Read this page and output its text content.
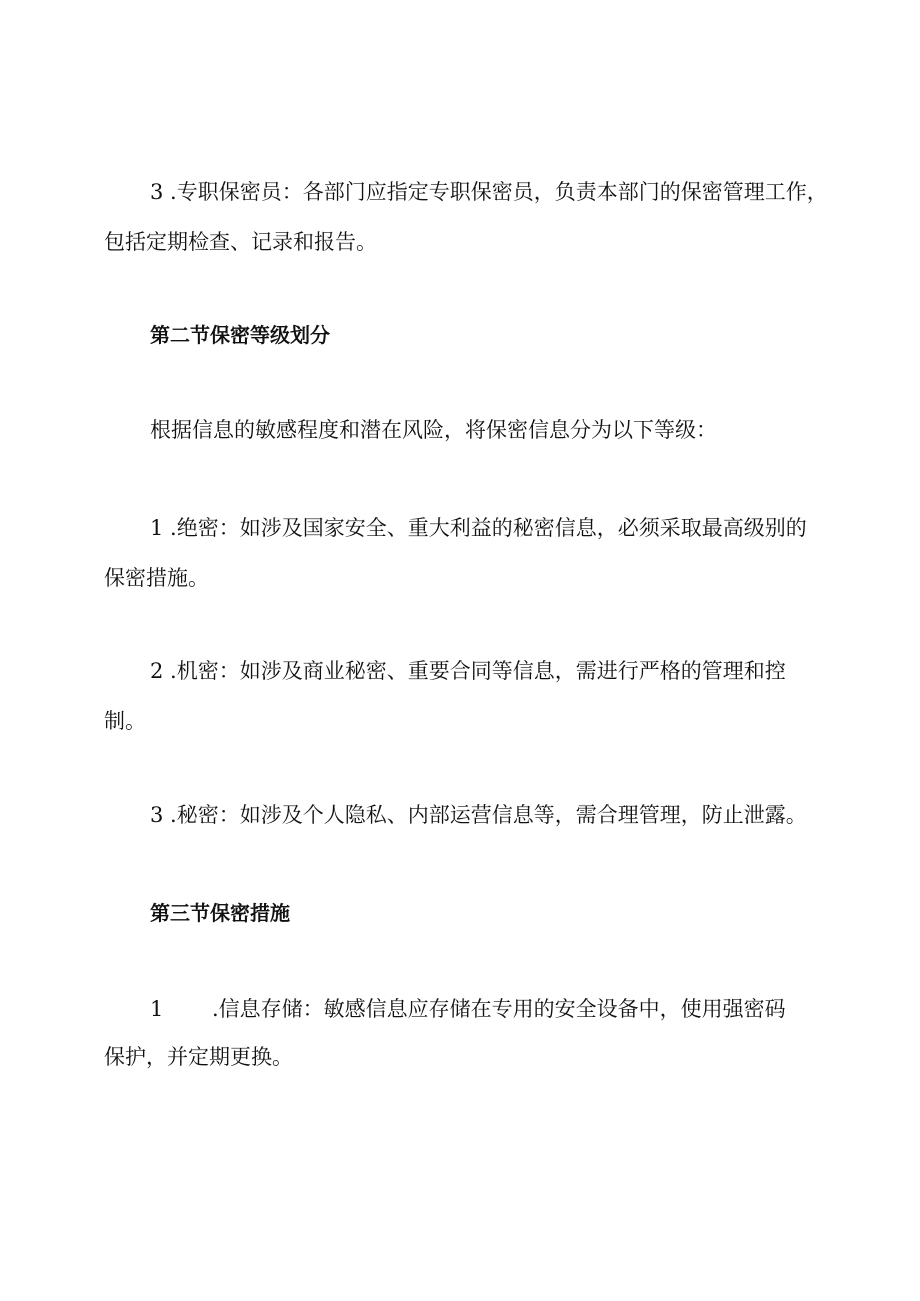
3 .专职保密员：各部门应指定专职保密员，负责本部门的保密管理工作，

包括定期检查、记录和报告。

第二节保密等级划分

根据信息的敏感程度和潜在风险，将保密信息分为以下等级：

1 .绝密：如涉及国家安全、重大利益的秘密信息，必须采取最高级别的

保密措施。

2 .机密：如涉及商业秘密、重要合同等信息，需进行严格的管理和控

制。

3 .秘密：如涉及个人隐私、内部运营信息等，需合理管理，防止泄露。

第三节保密措施

1 .信息存储：敏感信息应存储在专用的安全设备中，使用强密码

保护，并定期更换。
